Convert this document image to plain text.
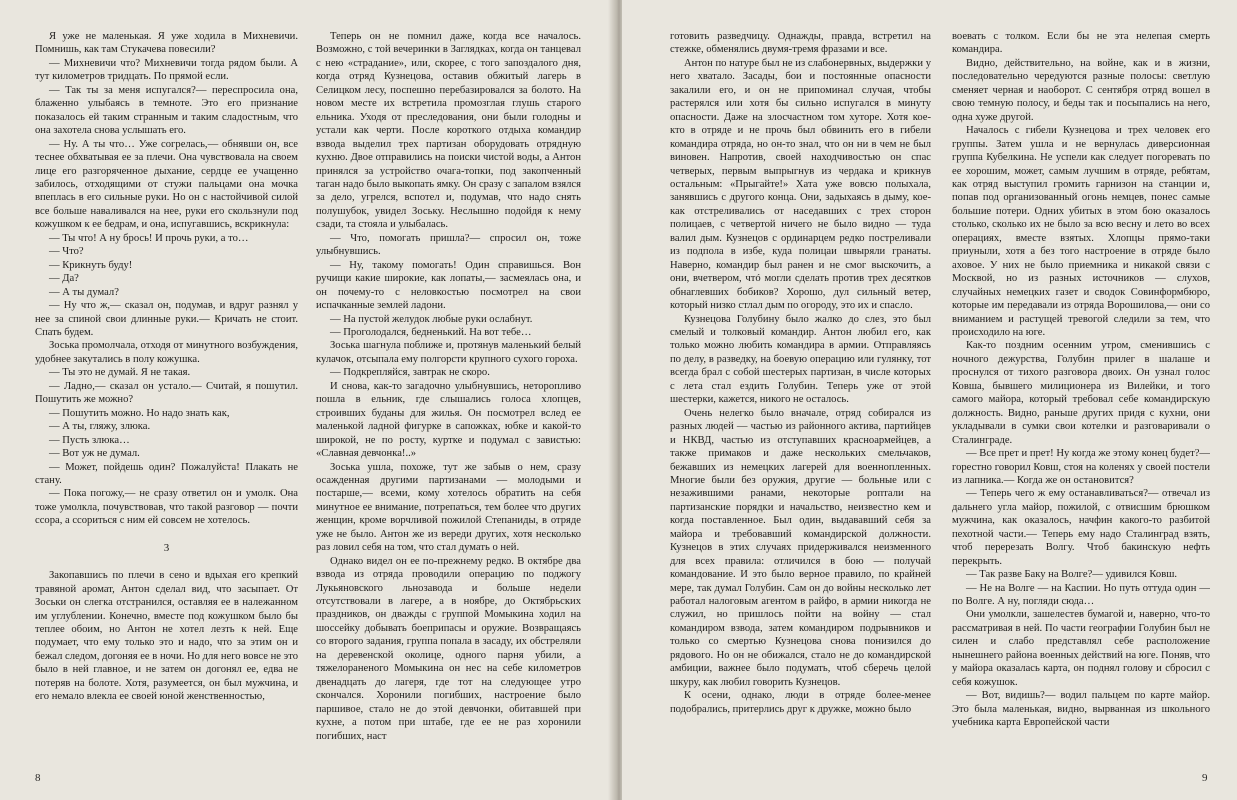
Я уже не маленькая. Я уже ходила в Михневичи. Помнишь, как там Стукачева повесили?

— Михневичи что? Михневичи тогда рядом были. А тут километров тридцать. По прямой если.

— Так ты за меня испугался?— переспросила она, блаженно улыбаясь в темноте. Это его признание показалось ей таким странным и таким сладостным, что она захотела снова услышать его.

— Ну. А ты что… Уже согрелась,— обнявши он, все теснее обхватывая ее за плечи. Она чувствовала на своем лице его разгоряченное дыхание, сердце ее учащенно забилось, отходящими от стужи пальцами она мочка впеплась в его сильные руки. Но он с настойчивой силой все больше наваливался на нее, руки его скользнули под кожушком к ее бедрам, и она, испугавшись, вскрикнула:

— Ты что! А ну брось! И прочь руки, а то…

— Что?

— Крикнуть буду!

— Да?

— А ты думал?

— Ну что ж,— сказал он, подумав, и вдруг разнял у нее за спиной свои длинные руки.— Кричать не стоит. Спать будем.

Зоська промолчала, отходя от минутного возбуждения, удобнее закутались в полу кожушка.

— Ты это не думай. Я не такая.

— Ладно,— сказал он устало.— Считай, я пошутил. Пошутить же можно?

— Пошутить можно. Но надо знать как,

— А ты, гляжу, злюка.

— Пусть злюка…

— Вот уж не думал.

— Может, пойдешь один? Пожалуйста! Плакать не стану.

— Пока погожу,— не сразу ответил он и умолк. Она тоже умолкла, почувствовав, что такой разговор — почти ссора, а ссориться с ним ей совсем не хотелось.

3

Закопавшись по плечи в сено и вдыхая его крепкий травяной аромат, Антон сделал вид, что засыпает. От Зоськи он слегка отстранился, оставляя ее в належанном им углублении. Конечно, вместе под кожушком было бы теплее обоим, но Антон не хотел лезть к ней. Еще подумает, что ему только это и надо, что за этим он и бежал следом, догоняя ее в ночи. Но для него вовсе не это было в ней главное, и не затем он догонял ее, едва не потеряв на болоте. Хотя, разумеется, он был мужчина, и его немало влекла ее своей юной женственностью,

Теперь он не помнил даже, когда все началось. Возможно, с той вечеринки в Заглядках, когда он танцевал с нею «страдание», или, скорее, с того запоздалого дня, когда отряд Кузнецова, оставив обжитый лагерь в Селицком лесу, поспешно перебазировался за болото. На новом месте их встретила промозглая глушь старого ельника. Уходя от преследования, они были голодны и устали как черти. После короткого отдыха командир взвода выделил трех партизан оборудовать отрядную кухню. Двое отправились на поиски чистой воды, а Антон принялся за устройство очага-топки, под закопченный таган надо было выкопать ямку. Он сразу с запалом взялся за дело, угрелся, вспотел и, подумав, что надо снять полушубок, увидел Зоську. Неслышно подойдя к нему сзади, та стояла и улыбалась.

— Что, помогать пришла?— спросил он, тоже улыбнувшись.

— Ну, такому помогать! Один справишься. Вон ручищи какие широкие, как лопаты,— засмеялась она, и он почему-то с неловкостью посмотрел на свои испачканные землей ладони.

— На пустой желудок любые руки ослабнут.

— Проголодался, бедненький. На вот тебе…

Зоська шагнула поближе и, протянув маленький белый кулачок, отсыпала ему полгорсти крупного сухого гороха.

— Подкрепляйся, завтрак не скоро.

И снова, как-то загадочно улыбнувшись, неторопливо пошла в ельник, где слышались голоса хлопцев, строивших буданы для жилья. Он посмотрел вслед ее маленькой ладной фигурке в сапожках, юбке и какой-то широкой, не по росту, куртке и подумал с завистью: «Славная девчонка!..»

Зоська ушла, похоже, тут же забыв о нем, сразу осажденная другими партизанами — молодыми и постарше,— всеми, кому хотелось обратить на себя минутное ее внимание, потрепаться, тем более что других женщин, кроме ворчливой пожилой Степаниды, в отряде уже не было. Антон же из вереди других, хотя несколько раз ловил себя на том, что стал думать о ней.

Однако видел он ее по-прежнему редко. В октябре два взвода из отряда проводили операцию по поджогу Лукьяновского льнозавода и больше недели отсутствовали в лагере, а в ноябре, до Октябрьских праздников, он дважды с группой Момыкина ходил на шоссейку добывать боеприпасы и оружие. Возвращаясь со второго задания, группа попала в засаду, их обстреляли на деревенской околице, одного парня убили, а тяжелораненого Момыкина он нес на себе километров двенадцать до лагеря, где тот на следующее утро скончался. Хоронили погибших, настроение было паршивое, стало не до этой девчонки, обитавшей при кухне, а потом при штабе, где ее не раз хоронили погибших, наст

8

готовить разведчицу. Однажды, правда, встретил на стежке, обменялись двумя-тремя фразами и все.

Антон по натуре был не из слабонервных, выдержки у него хватало. Засады, бои и постоянные опасности закалили его, и он не припоминал случая, чтобы растерялся или хотя бы сильно испугался в минуту опасности. Даже на злосчастном том хуторе. Хотя кое-кто в отряде и не прочь был обвинить его в гибели командира отряда, но он-то знал, что он ни в чем не был виновен. Напротив, своей находчивостью он спас четверых, первым выпрыгнув из чердака и крикнув остальным: «Прыгайте!» Хата уже вовсю полыхала, занявшись с другого конца. Они, задыхаясь в дыму, кое-как отстреливались от наседавших с трех сторон полицаев, с четвертой ничего не было видно — туда валил дым. Кузнецов с ординарцем редко постреливали из подпола в избе, куда полицаи швыряли гранаты. Наверно, командир был ранен и не смог выскочить, а они, вчетвером, чтó могли сделать против трех десятков обнаглевших бобиков? Хорошо, дул сильный ветер, который низко стлал дым по огороду, это их и спасло.

Кузнецова Голубину было жалко до слез, это был смелый и толковый командир. Антон любил его, как только можно любить командира в армии. Отправляясь по делу, в разведку, на боевую операцию или гулянку, тот всегда брал с собой шестерых партизан, в числе которых с лета стал ездить Голубин. Теперь уже от этой шестерки, кажется, никого не осталось.

Очень нелегко было вначале, отряд собирался из разных людей — частью из районного актива, партийцев и НКВД, частью из отступавших красноармейцев, а также примаков и даже нескольких смельчаков, бежавших из немецких лагерей для военнопленных. Многие были без оружия, другие — больные или с незажившими ранами, некоторые роптали на партизанские порядки и начальство, неизвестно кем и когда поставленное. Был один, выдававший себя за майора и требовавший командирской должности. Кузнецов в этих случаях придерживался неизменного для всех правила: отличился в бою — получай командование. И это было верное правило, по крайней мере, так думал Голубин. Сам он до войны несколько лет работал налоговым агентом в райфо, в армии никогда не служил, но пришлось пойти на войну — стал командиром взвода, затем командиром подрывников и только со смертью Кузнецова снова понизился до рядового. Но он не обижался, стало не до командирской амбиции, важнее было подумать, чтоб сберечь целой шкуру, как любил говорить Кузнецов.

К осени, однако, люди в отряде более-менее подобрались, притерлись друг к дружке, можно было

воевать с толком. Если бы не эта нелепая смерть командира.

Видно, действительно, на войне, как и в жизни, последовательно чередуются разные полосы: светлую сменяет черная и наоборот. С сентября отряд вошел в свою темную полосу, и беды так и посыпались на него, одна хуже другой.

Началось с гибели Кузнецова и трех человек его группы. Затем ушла и не вернулась диверсионная группа Кубелкина. Не успели как следует погоревать по ее хорошим, может, самым лучшим в отряде, ребятам, как отряд выступил громить гарнизон на станции и, попав под организованный огонь немцев, понес самые большие потери. Одних убитых в этом бою оказалось столько, сколько их не было за всю весну и лето во всех операциях, вместе взятых. Хлопцы прямо-таки приуныли, хотя а без того настроение в отряде было аховое. У них не было приемника и никакой связи с Москвой, но из разных источников — слухов, случайных немецких газет и сводок Совинформбюро, которые им передавали из отряда Ворошилова,— они со вниманием и растущей тревогой следили за тем, что происходило на юге.

Как-то поздним осенним утром, сменившись с ночного дежурства, Голубин прилег в шалаше и проснулся от тихого разговора двоих. Он узнал голос Ковша, бывшего милиционера из Вилейки, и того самого майора, который требовал себе командирскую должность. Видно, раньше других придя с кухни, они укладывали в сумки свои котелки и разговаривали о Сталинграде.

— Все прет и прет! Ну когда же этому конец будет?— горестно говорил Ковш, стоя на коленях у своей постели из лапника.— Когда же он остановится?

— Теперь чего ж ему останавливаться?— отвечал из дальнего угла майор, пожилой, с отвисшим брюшком мужчина, как оказалось, начфин какого-то разбитой пехотной части.— Теперь ему надо Сталинград взять, чтоб перерезать Волгу. Чтоб бакинскую нефть перекрыть.

— Так разве Баку на Волге?— удивился Ковш.

— Не на Волге — на Каспии. Но путь оттуда один — по Волге. А ну, погляди сюда…

Они умолкли, зашелестев бумагой и, наверно, что-то рассматривая в ней. По части географии Голубин был не силен и слабо представлял себе расположение нынешнего района военных действий на юге. Поняв, что у майора оказалась карта, он поднял голову и сбросил с себя кожушок.

— Вот, видишь?— водил пальцем по карте майор. Это была маленькая, видно, вырванная из школьного учебника карта Европейской части

9
